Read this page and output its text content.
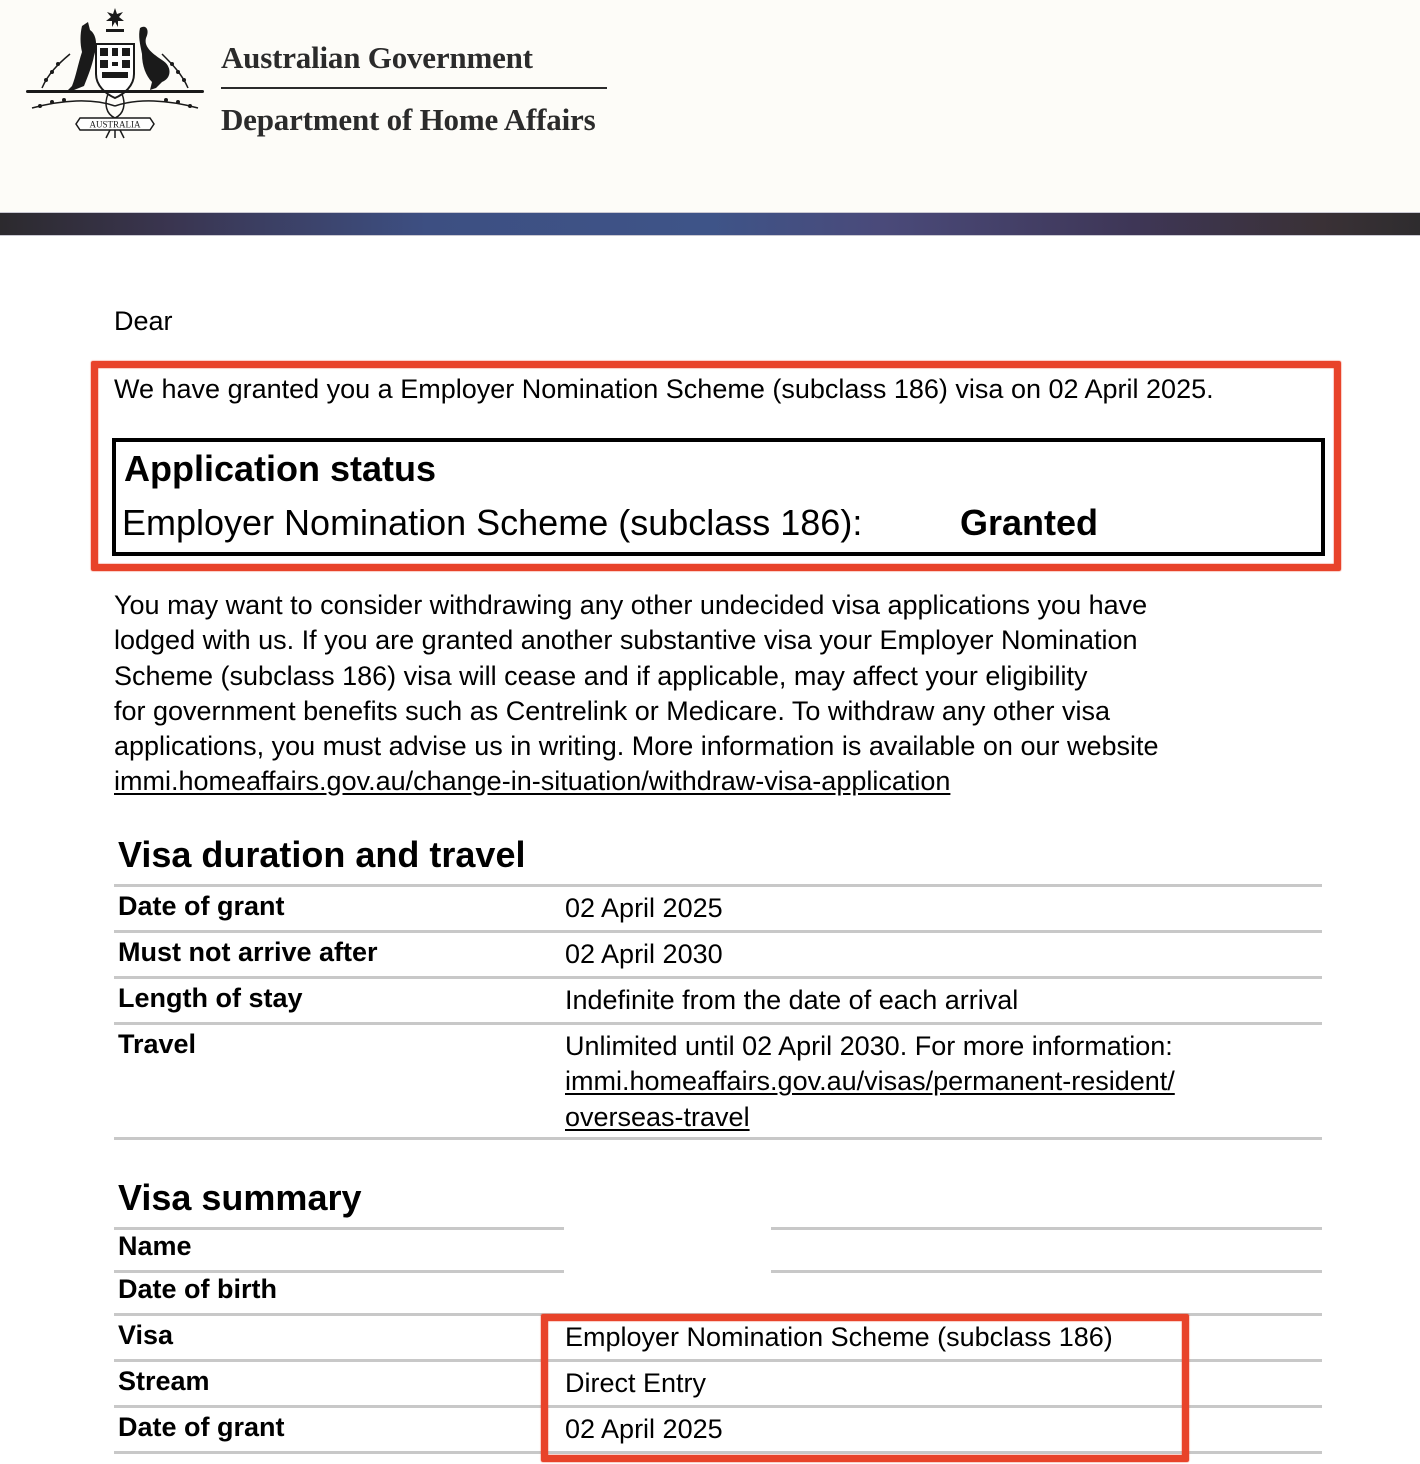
AUSTRALIA
Australian Government
Department of Home Affairs
Dear
We have granted you a Employer Nomination Scheme (subclass 186) visa on 02 April 2025.
Application status
Employer Nomination Scheme (subclass 186):	Granted
You may want to consider withdrawing any other undecided visa applications you have
lodged with us. If you are granted another substantive visa your Employer Nomination
Scheme (subclass 186) visa will cease and if applicable, may affect your eligibility
for government benefits such as Centrelink or Medicare. To withdraw any other visa
applications, you must advise us in writing. More information is available on our website
immi.homeaffairs.gov.au/change-in-situation/withdraw-visa-application
Visa duration and travel
Date of grant	02 April 2025
Must not arrive after	02 April 2030
Length of stay	Indefinite from the date of each arrival
Travel	Unlimited until 02 April 2030. For more information:
immi.homeaffairs.gov.au/visas/permanent-resident/
overseas-travel
Visa summary
Name
Date of birth
Visa	Employer Nomination Scheme (subclass 186)
Stream	Direct Entry
Date of grant	02 April 2025
